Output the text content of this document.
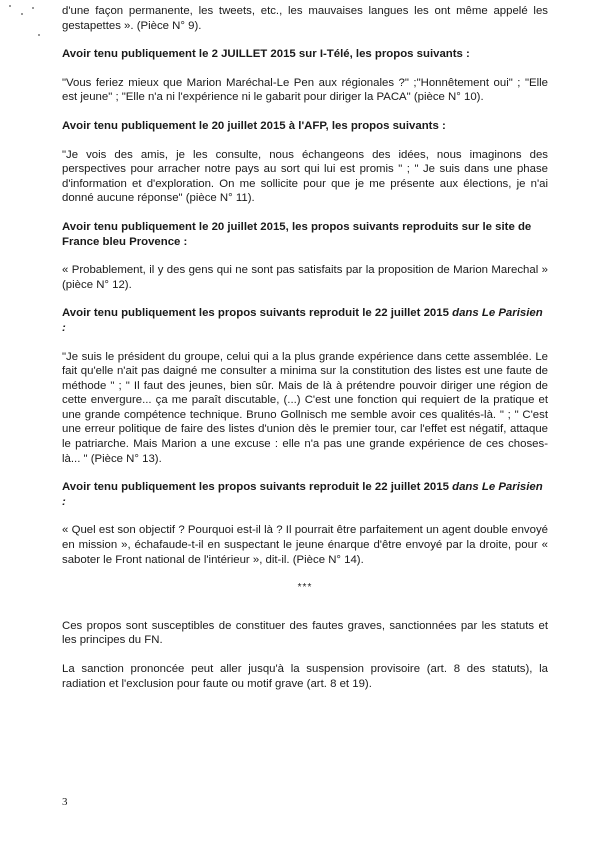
d'une façon permanente, les tweets, etc., les mauvaises langues les ont même appelé les gestapettes ». (Pièce N° 9).

Avoir tenu publiquement le 2 JUILLET 2015 sur I-Télé, les propos suivants :

"Vous feriez mieux que Marion Maréchal-Le Pen aux régionales ?" ;"Honnêtement oui" ; "Elle est jeune" ; "Elle n'a ni l'expérience ni le gabarit pour diriger la PACA" (pièce N° 10).

Avoir tenu publiquement le 20 juillet 2015 à l'AFP, les propos suivants :

"Je vois des amis, je les consulte, nous échangeons des idées, nous imaginons des perspectives pour arracher notre pays au sort qui lui est promis " ; " Je suis dans une phase d'information et d'exploration. On me sollicite pour que je me présente aux élections, je n'ai donné aucune réponse" (pièce N° 11).

Avoir tenu publiquement le 20 juillet 2015, les propos suivants reproduits sur le site de France bleu Provence :

« Probablement, il y des gens qui ne sont pas satisfaits par la proposition de Marion Marechal » (pièce N° 12).

Avoir tenu publiquement les propos suivants reproduit le 22 juillet 2015 dans Le Parisien :

"Je suis le président du groupe, celui qui a la plus grande expérience dans cette assemblée. Le fait qu'elle n'ait pas daigné me consulter a minima sur la constitution des listes est une faute de méthode " ; " Il faut des jeunes, bien sûr. Mais de là à prétendre pouvoir diriger une région de cette envergure... ça me paraît discutable, (...) C'est une fonction qui requiert de la pratique et une grande compétence technique. Bruno Gollnisch me semble avoir ces qualités-là. " ; " C'est une erreur politique de faire des listes d'union dès le premier tour, car l'effet est négatif, attaque le patriarche. Mais Marion a une excuse : elle n'a pas une grande expérience de ces choses-là... " (Pièce N° 13).

Avoir tenu publiquement les propos suivants reproduit le 22 juillet 2015 dans Le Parisien :

« Quel est son objectif ? Pourquoi est-il là ? Il pourrait être parfaitement un agent double envoyé en mission », échafaude-t-il en suspectant le jeune énarque d'être envoyé par la droite, pour « saboter le Front national de l'intérieur », dit-il. (Pièce N° 14).

***

Ces propos sont susceptibles de constituer des fautes graves, sanctionnées par les statuts et les principes du FN.

La sanction prononcée peut aller jusqu'à la suspension provisoire (art. 8 des statuts), la radiation et l'exclusion pour faute ou motif grave (art. 8 et 19).

3
